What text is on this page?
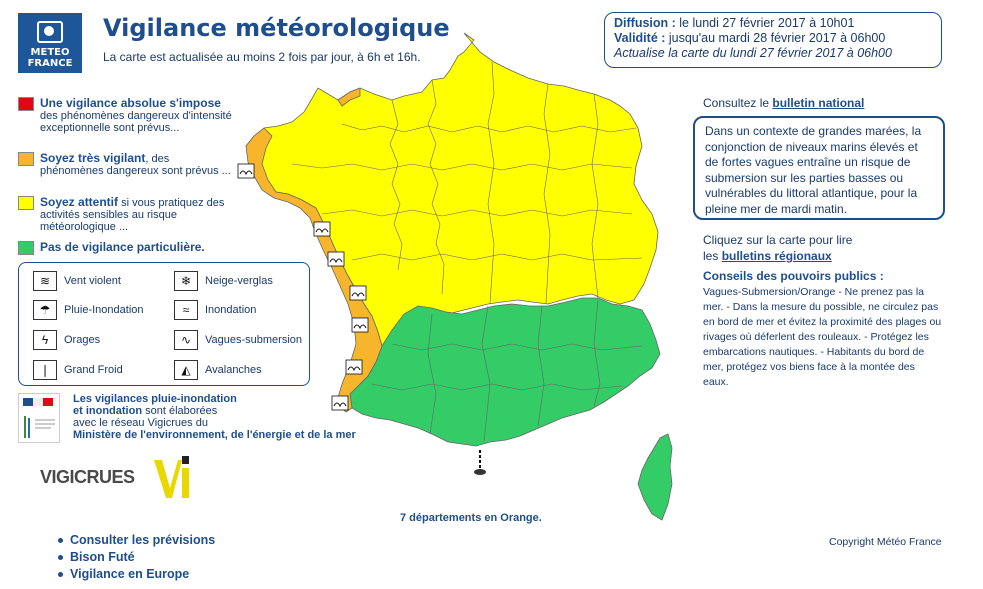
METEO FRANCE
Vigilance météorologique
La carte est actualisée au moins 2 fois par jour, à 6h et 16h.
Diffusion : le lundi 27 février 2017 à 10h01
Validité : jusqu'au mardi 28 février 2017 à 06h00
Actualise la carte du lundi 27 février 2017 à 06h00
Une vigilance absolue s'impose
des phénomènes dangereux d'intensité exceptionnelle sont prévus...
Soyez très vigilant, des phénomènes dangereux sont prévus ...
Soyez attentif si vous pratiquez des activités sensibles au risque météorologique ...
Pas de vigilance particulière.
≋	Vent violent	❄	Neige-verglas
☂	Pluie-Inondation	≈	Inondation
ϟ	Orages	∿	Vagues-submersion
❘	Grand Froid	◭	Avalanches
Les vigilances pluie-inondation
et inondation sont élaborées
avec le réseau Vigicrues du
Ministère de l'environnement, de l'énergie et de la mer
VIGICRUES
Consulter les prévisions
Bison Futé
Vigilance en Europe
7 départements en Orange.
Consultez le bulletin national
Dans un contexte de grandes marées, la conjonction de niveaux marins élevés et de fortes vagues entraîne un risque de submersion sur les parties basses ou vulnérables du littoral atlantique, pour la pleine mer de mardi matin.
Cliquez sur la carte pour lire
les bulletins régionaux
Conseils des pouvoirs publics :
Vagues-Submersion/Orange - Ne prenez pas la mer. - Dans la mesure du possible, ne circulez pas en bord de mer et évitez la proximité des plages ou rivages où déferlent des rouleaux. - Protégez les embarcations nautiques. - Habitants du bord de mer, protégez vos biens face à la montée des eaux.
Copyright Météo France
